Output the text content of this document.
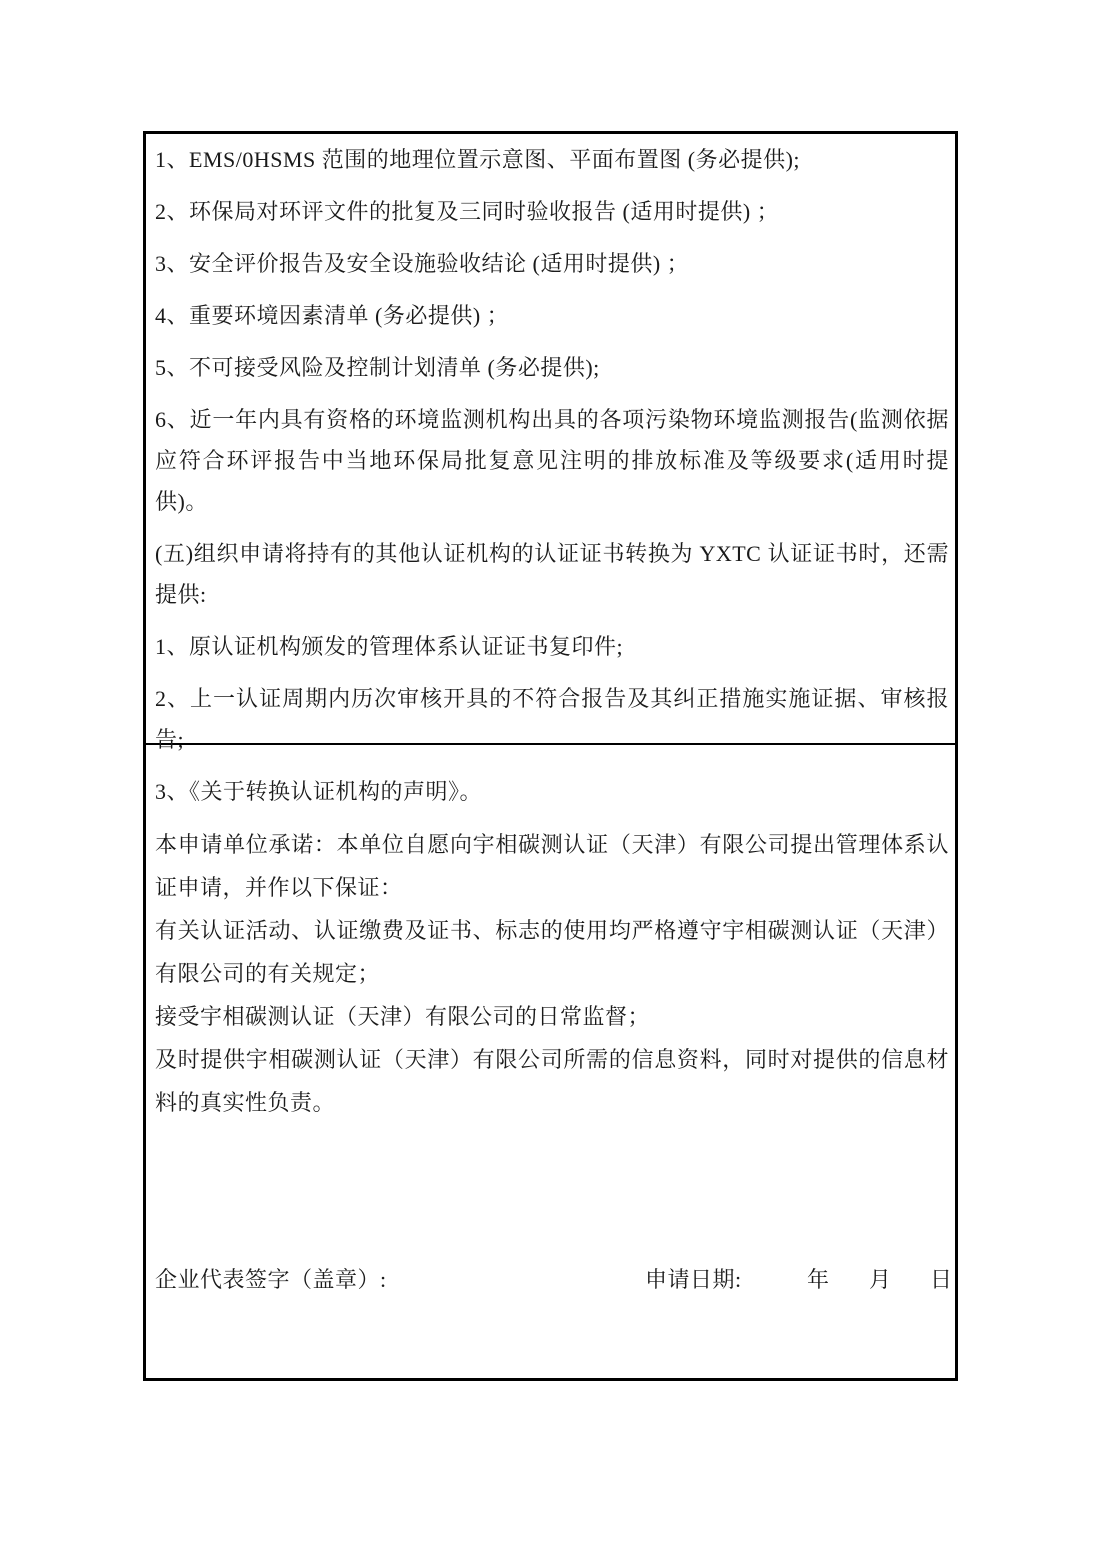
1、EMS/0HSMS 范围的地理位置示意图、平面布置图 (务必提供);

2、环保局对环评文件的批复及三同时验收报告 (适用时提供) ；

3、安全评价报告及安全设施验收结论 (适用时提供) ；

4、重要环境因素清单 (务必提供) ；

5、不可接受风险及控制计划清单 (务必提供);

6、近一年内具有资格的环境监测机构出具的各项污染物环境监测报告(监测依据应符合环评报告中当地环保局批复意见注明的排放标准及等级要求(适用时提供)。

(五)组织申请将持有的其他认证机构的认证证书转换为 YXTC 认证证书时，还需提供:

1、原认证机构颁发的管理体系认证证书复印件;

2、上一认证周期内历次审核开具的不符合报告及其纠正措施实施证据、审核报告;

3、《关于转换认证机构的声明》。

本申请单位承诺：本单位自愿向宇相碳测认证（天津）有限公司提出管理体系认证申请，并作以下保证：

有关认证活动、认证缴费及证书、标志的使用均严格遵守宇相碳测认证（天津）有限公司的有关规定；

接受宇相碳测认证（天津）有限公司的日常监督；

及时提供宇相碳测认证（天津）有限公司所需的信息资料，同时对提供的信息材料的真实性负责。

企业代表签字（盖章）:	申请日期:	年 月 日
